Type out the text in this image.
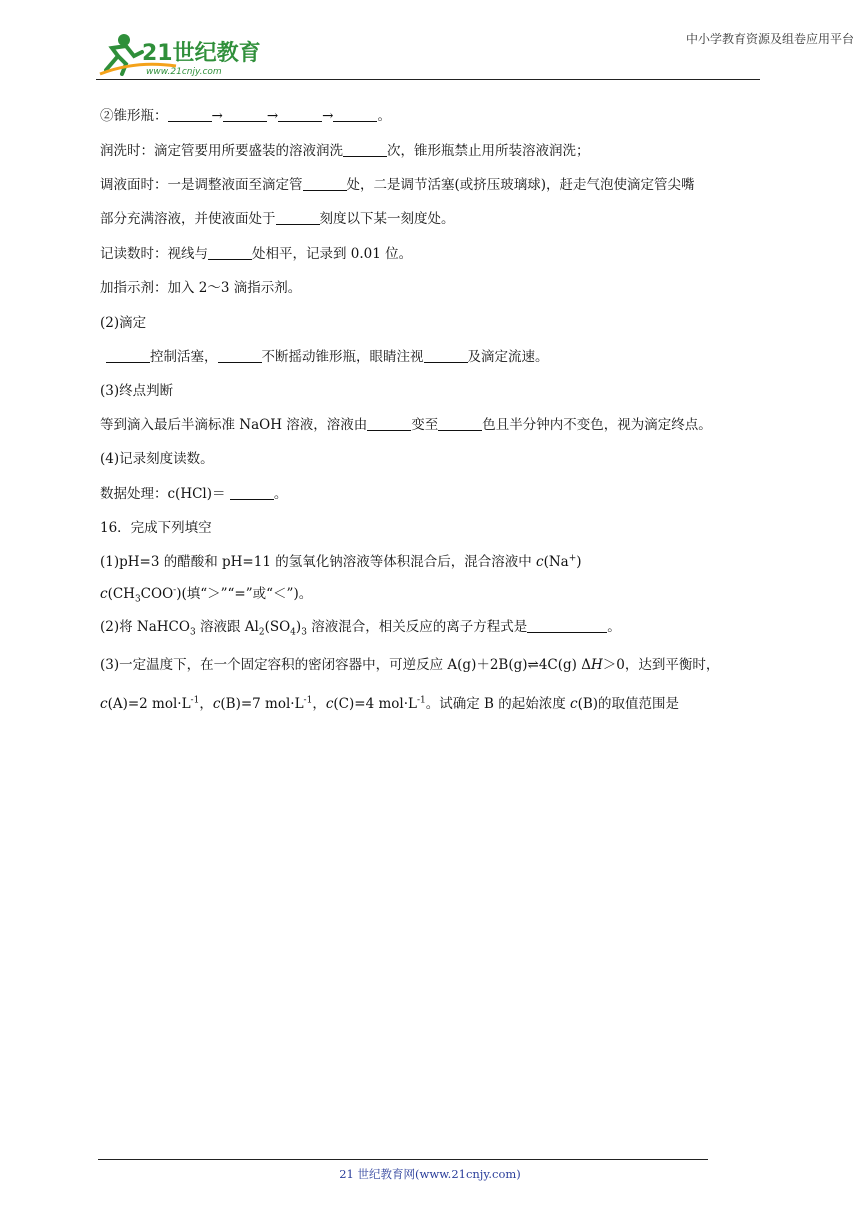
21世纪教育
www.21cnjy.com
中小学教育资源及组卷应用平台
②锥形瓶：	→	→	→	。
润洗时：滴定管要用所要盛装的溶液润洗	次，锥形瓶禁止用所装溶液润洗；
调液面时：一是调整液面至滴定管	处，二是调节活塞(或挤压玻璃球)，赶走气泡使滴定管尖嘴
部分充满溶液，并使液面处于	刻度以下某一刻度处。
记读数时：视线与	处相平，记录到 0.01 位。
加指示剂：加入 2～3 滴指示剂。
(2)滴定
控制活塞，	不断摇动锥形瓶，眼睛注视	及滴定流速。
(3)终点判断
等到滴入最后半滴标准 NaOH 溶液，溶液由	变至	色且半分钟内不变色，视为滴定终点。
(4)记录刻度读数。
数据处理：c(HCl)＝	。
16．完成下列填空
(1)pH=3 的醋酸和 pH=11 的氢氧化钠溶液等体积混合后，混合溶液中 c(Na+)
$c(CH_3COO^-)$(填“＞”“=”或“＜”)。
(2)将 NaHCO$_3$ 溶液跟 $Al_2(SO_4)_3$ 溶液混合，相关反应的离子方程式是	。
(3)一定温度下，在一个固定容积的密闭容器中，可逆反应 A(g)＋2B(g)⇌4C(g) ΔH＞0，达到平衡时，
c(A)=2 $mol\cdot L^{-1}$，c(B)=7 $mol\cdot L^{-1}$，c(C)=4 $mol\cdot L^{-1}$。试确定 B 的起始浓度 c(B)的取值范围是
21 世纪教育网(www.21cnjy.com)
